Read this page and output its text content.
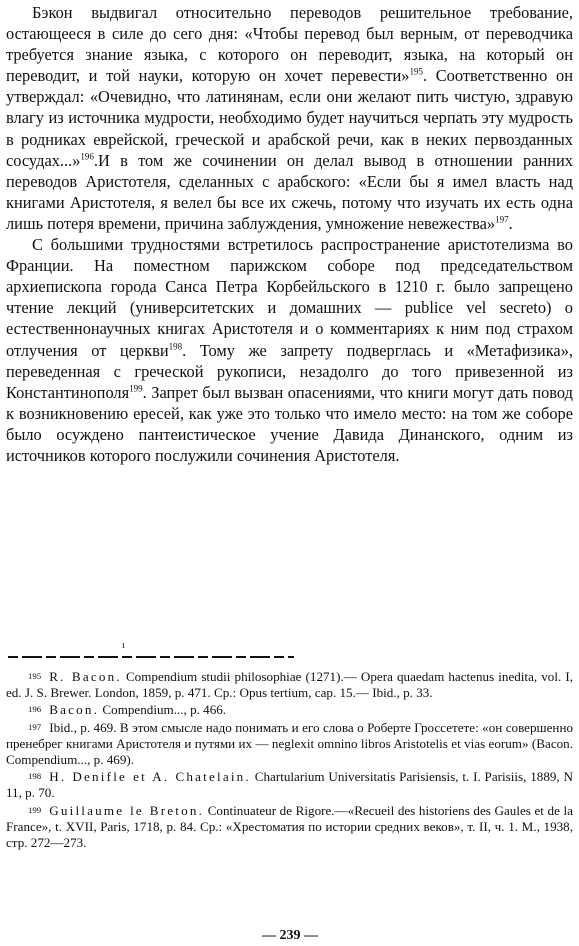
Бэкон выдвигал относительно переводов решительное требование, остающееся в силе до сего дня: «Чтобы перевод был верным, от переводчика требуется знание языка, с которого он переводит, языка, на который он переводит, и той науки, которую он хочет перевести»$^{195}$. Соответственно он утверждал: «Очевидно, что латинянам, если они желают пить чистую, здравую влагу из источника мудрости, необходимо будет научиться черпать эту мудрость в родниках еврейской, греческой и арабской речи, как в неких первозданных сосудах...»$^{196}$.И в том же сочинении он делал вывод в отношении ранних переводов Аристотеля, сделанных с арабского: «Если бы я имел власть над книгами Аристотеля, я велел бы все их сжечь, потому что изучать их есть одна лишь потеря времени, причина заблуждения, умножение невежества»$^{197}$.

С большими трудностями встретилось распространение аристотелизма во Франции. На поместном парижском соборе под председательством архиепископа города Санса Петра Корбейльского в 1210 г. было запрещено чтение лекций (университетских и домашних — publice vel secreto) о естественнонаучных книгах Аристотеля и о комментариях к ним под страхом отлучения от церкви$^{198}$. Тому же запрету подверглась и «Метафизика», переведенная с греческой рукописи, незадолго до того привезенной из Константинополя$^{199}$. Запрет был вызван опасениями, что книги могут дать повод к возникновению ересей, как уже это только что имело место: на том же соборе было осуждено пантеистическое учение Давида Динанского, одним из источников которого послужили сочинения Аристотеля.

ı

195 R. Bacon. Compendium studii philosophiae (1271).— Opera quaedam hactenus inedita, vol. I, ed. J. S. Brewer. London, 1859, p. 471. Ср.: Opus tertium, cap. 15.— Ibid., p. 33.

196 Bacon. Compendium..., p. 466.

197 Ibid., p. 469. В этом смысле надо понимать и его слова о Роберте Гроссетете: «он совершенно пренебрег книгами Аристотеля и путями их — neglexit omnino libros Aristotelis et vias eorum» (Bacon. Compendium..., p. 469).

198 H. Denifle et A. Chatelain. Chartularium Universitatis Parisiensis, t. I. Parisiis, 1889, N 11, p. 70.

199 Guillaume le Breton. Continuateur de Rigore.—«Recueil des historiens des Gaules et de la France», t. XVII, Paris, 1718, p. 84. Ср.: «Хрестоматия по истории средних веков», т. II, ч. 1. М., 1938, стр. 272—273.

— 239 —
